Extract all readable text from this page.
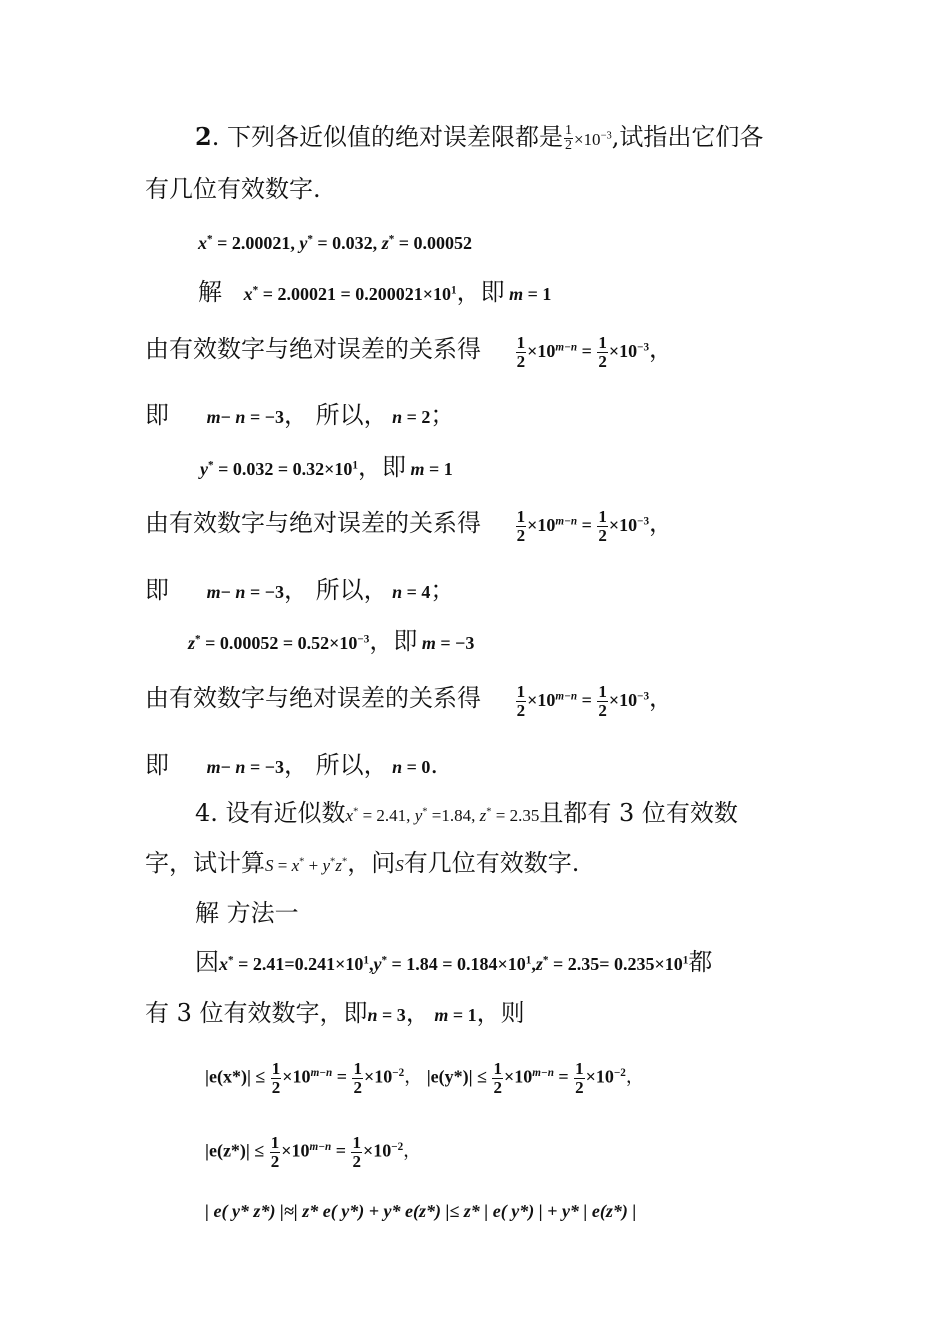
2. 下列各近似值的绝对误差限都是 $\frac{1}{2} \times 10^{-3}$,试指出它们各
有几位有效数字.
x* = 2.00021, y* = 0.032, z* = 0.00052
解 $x^* = 2.00021 = 0.200021\times 10^1$，即 m = 1
由有效数字与绝对误差的关系得 $\frac{1}{2} \times 10^{m-n} = \frac{1}{2} \times 10^{-3}$，
即 m− n = −3， 所以， n = 2；
$y^* = 0.032 = 0.32\times 10^1$，即 m = 1
由有效数字与绝对误差的关系得 $\frac{1}{2} \times 10^{m-n} = \frac{1}{2} \times 10^{-3}$，
即 m− n = −3， 所以， n = 4；
$z^* = 0.00052 = 0.52\times 10^{-3}$，即 m = −3
由有效数字与绝对误差的关系得 $\frac{1}{2} \times 10^{m-n} = \frac{1}{2} \times 10^{-3}$，
即 m− n = −3， 所以， n = 0.
4. 设有近似数x* = 2.41, y* =1.84, z* = 2.35且都有 3 位有效数
字，试计算S = x* + y*z*，问S有几位有效数字.
解 方法一
因$x^* = 2.41=0.241\times 10^1,y^* = 1.84 = 0.184\times 10^1,z^* = 2.35= 0.235\times 10^1$都
有 3 位有效数字，即n = 3， m = 1，则
$|e(x*)| \le \frac{1}{2} \times 10^{m-n} = \frac{1}{2} \times 10^{-2}$， $|e(y*)| \le \frac{1}{2} \times 10^{m-n} = \frac{1}{2} \times 10^{-2}$，
$|e(z*)| \le \frac{1}{2} \times 10^{m-n} = \frac{1}{2} \times 10^{-2}$，
| e( y* z*) |≈| z* e( y*) + y* e(z*) |≤ z* | e( y*) | + y* | e(z*) |
